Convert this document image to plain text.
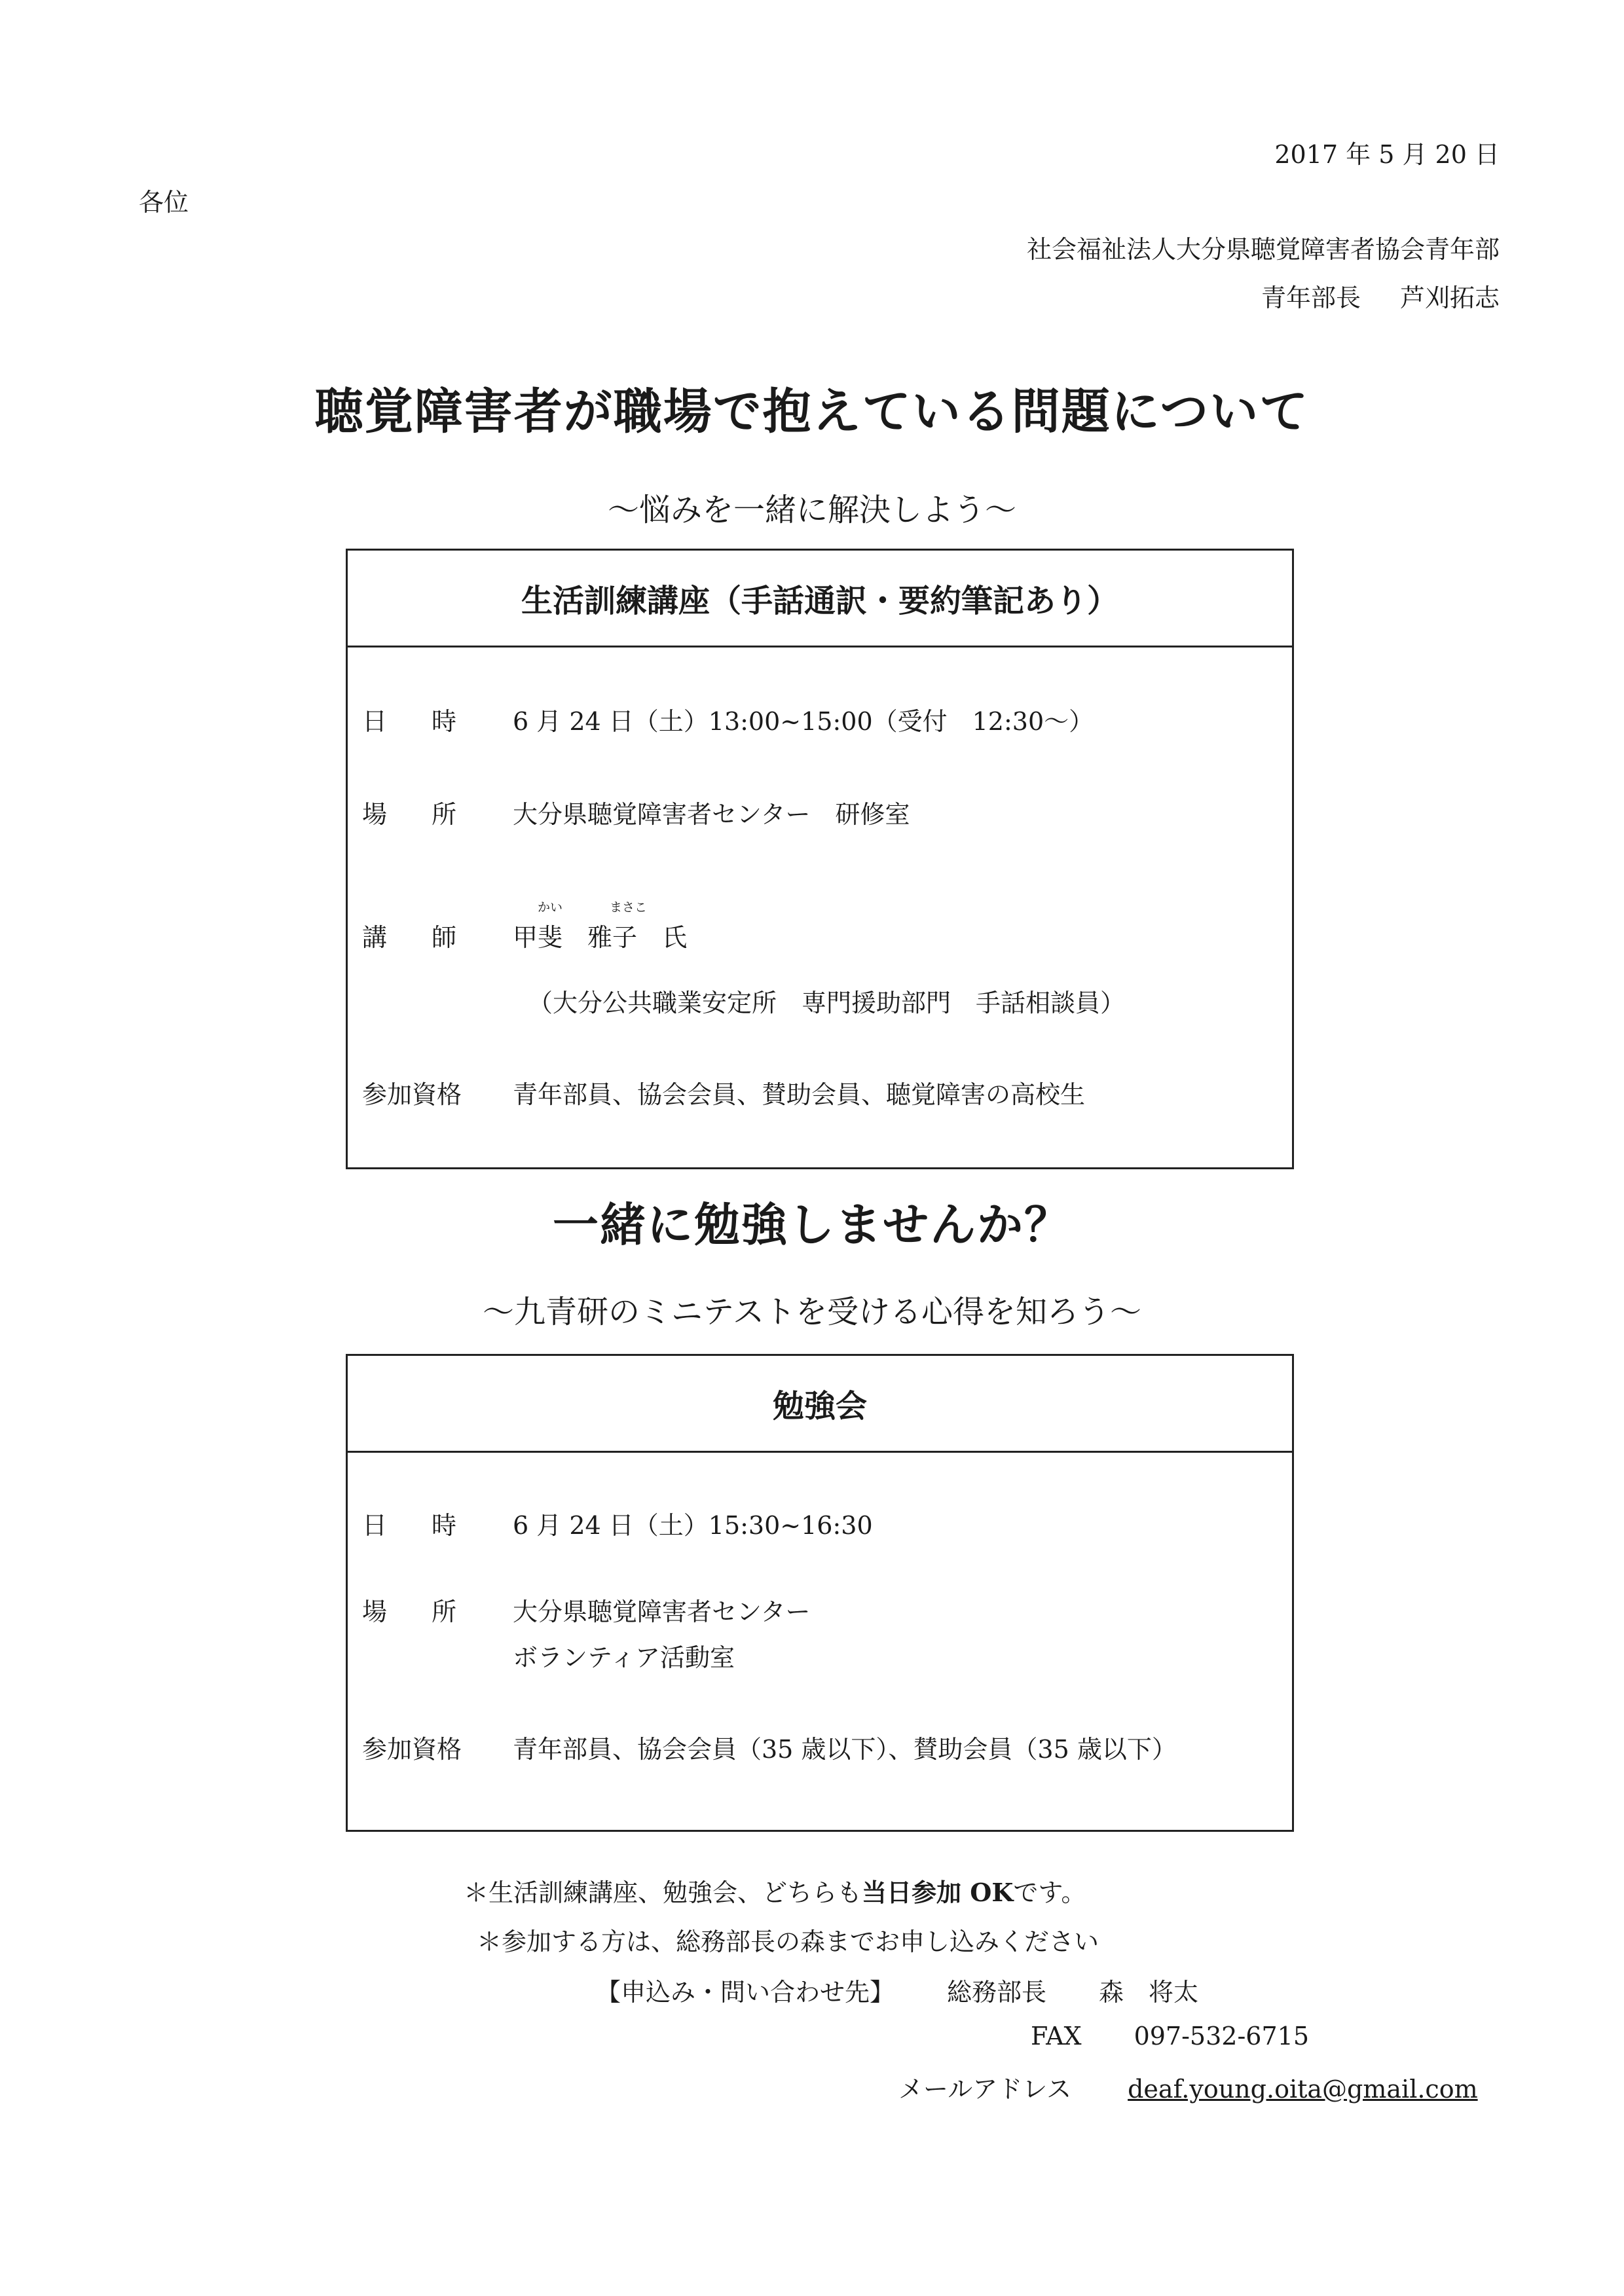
2017 年 5 月 20 日
各位
社会福祉法人大分県聴覚障害者協会青年部
青年部長 芦刈拓志
聴覚障害者が職場で抱えている問題について
～悩みを一緒に解決しよう～
生活訓練講座（手話通訳・要約筆記あり）
日時 6 月 24 日（土）13:00~15:00（受付　12:30～）
場所 大分県聴覚障害者センター　研修室
かい	まさこ
講師 甲斐　 雅子　 氏
（大分公共職業安定所　専門援助部門　手話相談員）
参加資格	青年部員、協会会員、賛助会員、聴覚障害の高校生
一緒に勉強しませんか？
～九青研のミニテストを受ける心得を知ろう～
勉強会
日時 6 月 24 日（土）15:30~16:30
場所 大分県聴覚障害者センター
ボランティア活動室
参加資格	青年部員、協会会員（35 歳以下）、賛助会員（35 歳以下）
＊生活訓練講座、勉強会、どちらも当日参加 OKです。
＊参加する方は、総務部長の森までお申し込みください
【申込み・問い合わせ先】 総務部長 森　将太
FAX 097-532-6715
メールアドレス deaf.young.oita@gmail.com
